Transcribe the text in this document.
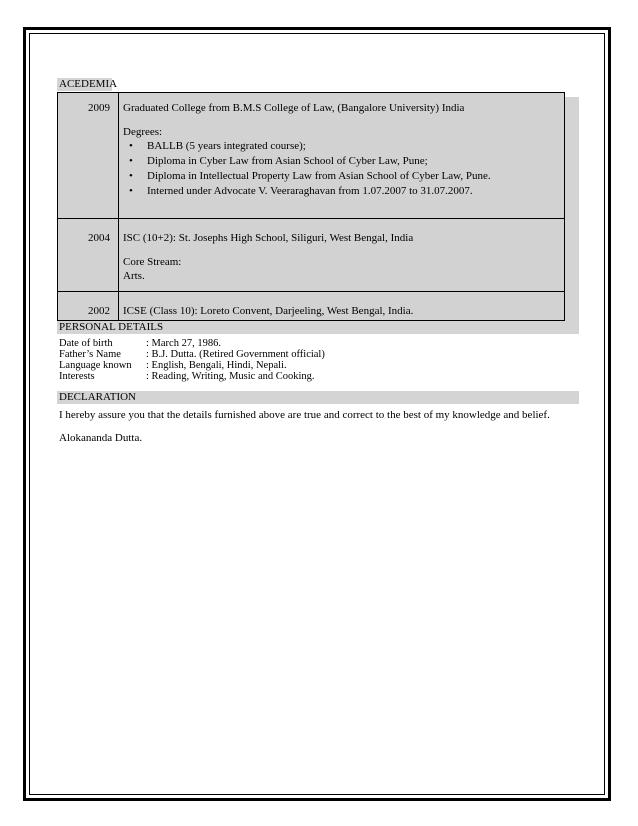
ACEDEMIA
2009	Graduated College from B.M.S College of Law, (Bangalore University) India
Degrees:
• BALLB (5 years integrated course);
• Diploma in Cyber Law from Asian School of Cyber Law, Pune;
• Diploma in Intellectual Property Law from Asian School of Cyber Law, Pune.
• Interned under Advocate V. Veeraraghavan from 1.07.2007 to 31.07.2007.
2004	ISC (10+2): St. Josephs High School, Siliguri, West Bengal, India
Core Stream:
Arts.
2002	ICSE (Class 10): Loreto Convent, Darjeeling, West Bengal, India.
PERSONAL DETAILS
Date of birth	: March 27, 1986.
Father’s Name	: B.J. Dutta. (Retired Government official)
Language known	: English, Bengali, Hindi, Nepali.
Interests	: Reading, Writing, Music and Cooking.
DECLARATION
I hereby assure you that the details furnished above are true and correct to the best of my knowledge and belief.
Alokananda Dutta.
